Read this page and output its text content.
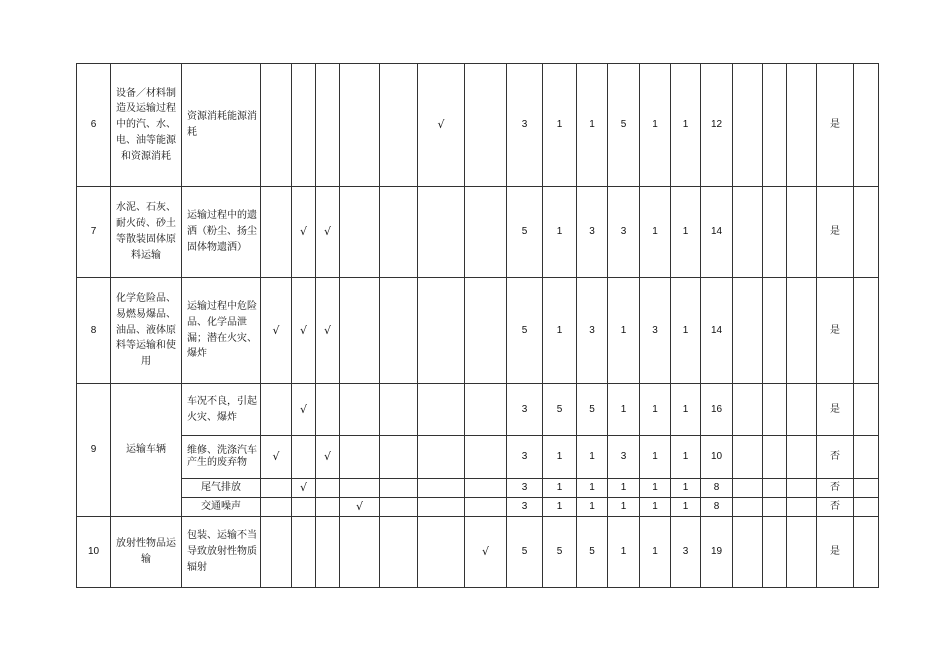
6	设备／材料制造及运输过程中的汽、水、电、油等能源和资源消耗	资源消耗能源消耗						√		3	1	1	5	1	1	12				是	
7	水泥、石灰、耐火砖、砂土等散装固体原料运输	运输过程中的遗洒（粉尘、扬尘固体物遗洒）		√	√					5	1	3	3	1	1	14				是	
8	化学危险品、易燃易爆品、油品、液体原料等运输和使用	运输过程中危险品、化学品泄漏；潜在火灾、爆炸	√	√	√					5	1	3	1	3	1	14				是	
9	运输车辆	车况不良，引起火灾、爆炸		√						3	5	5	1	1	1	16				是	
		维修、洗涤汽车产生的废弃物	√		√					3	1	1	3	1	1	10				否	
		尾气排放		√						3	1	1	1	1	1	8				否	
		交通噪声				√				3	1	1	1	1	1	8				否	
10	放射性物品运输	包装、运输不当导致放射性物质辐射							√	5	5	5	1	1	3	19				是	
